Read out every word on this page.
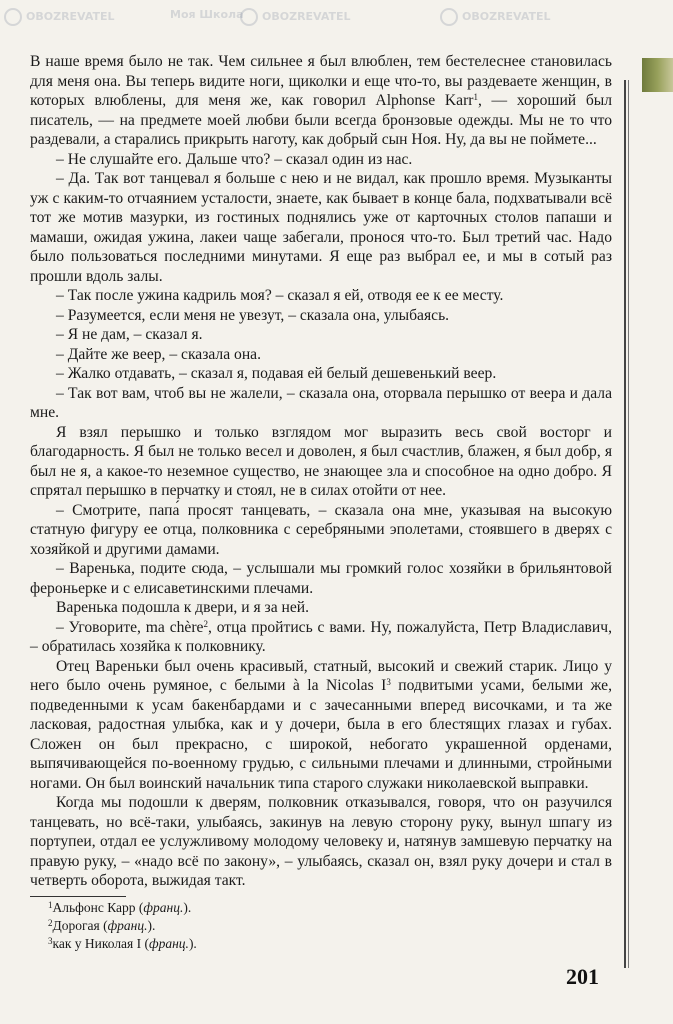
OBOZREVATEL	Моя Школа	OBOZREVATEL	OBOZREVATEL

В наше время было не так. Чем сильнее я был влюблен, тем бестелеснее становилась для меня она. Вы теперь видите ноги, щиколки и еще что-то, вы раздеваете женщин, в которых влюблены, для меня же, как говорил Alphonse Karr$^1$, — хороший был писатель, — на предмете моей любви были всегда бронзовые одежды. Мы не то что раздевали, а старались прикрыть наготу, как добрый сын Ноя. Ну, да вы не поймете...

– Не слушайте его. Дальше что? – сказал один из нас.

– Да. Так вот танцевал я больше с нею и не видал, как прошло время. Музыканты уж с каким-то отчаянием усталости, знаете, как бывает в конце бала, подхватывали всё тот же мотив мазурки, из гостиных поднялись уже от карточных столов папаши и мамаши, ожидая ужина, лакеи чаще забегали, пронося что-то. Был третий час. Надо было пользоваться последними минутами. Я еще раз выбрал ее, и мы в сотый раз прошли вдоль залы.

– Так после ужина кадриль моя? – сказал я ей, отводя ее к ее месту.

– Разумеется, если меня не увезут, – сказала она, улыбаясь.

– Я не дам, – сказал я.

– Дайте же веер, – сказала она.

– Жалко отдавать, – сказал я, подавая ей белый дешевенький веер.

– Так вот вам, чтоб вы не жалели, – сказала она, оторвала перышко от веера и дала мне.

Я взял перышко и только взглядом мог выразить весь свой восторг и благодарность. Я был не только весел и доволен, я был счастлив, блажен, я был добр, я был не я, а какое-то неземное существо, не знающее зла и способное на одно добро. Я спрятал перышко в перчатку и стоял, не в силах отойти от нее.

– Смотрите, папа́ просят танцевать, – сказала она мне, указывая на высокую статную фигуру ее отца, полковника с серебряными эполетами, стоявшего в дверях с хозяйкой и другими дамами.

– Варенька, подите сюда, – услышали мы громкий голос хозяйки в брильянтовой фероньерке и с елисаветинскими плечами.

Варенька подошла к двери, и я за ней.

– Уговорите, ma chère$^2$, отца пройтись с вами. Ну, пожалуйста, Петр Владиславич, – обратилась хозяйка к полковнику.

Отец Вареньки был очень красивый, статный, высокий и свежий старик. Лицо у него было очень румяное, с белыми à la Nicolas $I^3$ подвитыми усами, белыми же, подведенными к усам бакенбардами и с зачесанными вперед височками, и та же ласковая, радостная улыбка, как и у дочери, была в его блестящих глазах и губах. Сложен он был прекрасно, с широкой, небогато украшенной орденами, выпячивающейся по-военному грудью, с сильными плечами и длинными, стройными ногами. Он был воинский начальник типа старого служаки николаевской выправки.

Когда мы подошли к дверям, полковник отказывался, говоря, что он разучился танцевать, но всё-таки, улыбаясь, закинув на левую сторону руку, вынул шпагу из портупеи, отдал ее услужливому молодому человеку и, натянув замшевую перчатку на правую руку, – «надо всё по закону», – улыбаясь, сказал он, взял руку дочери и стал в четверть оборота, выжидая такт.

$^1$Альфонс Карр (франц.).
$^2$Дорогая (франц.).
$^3$как у Николая I (франц.).
201
